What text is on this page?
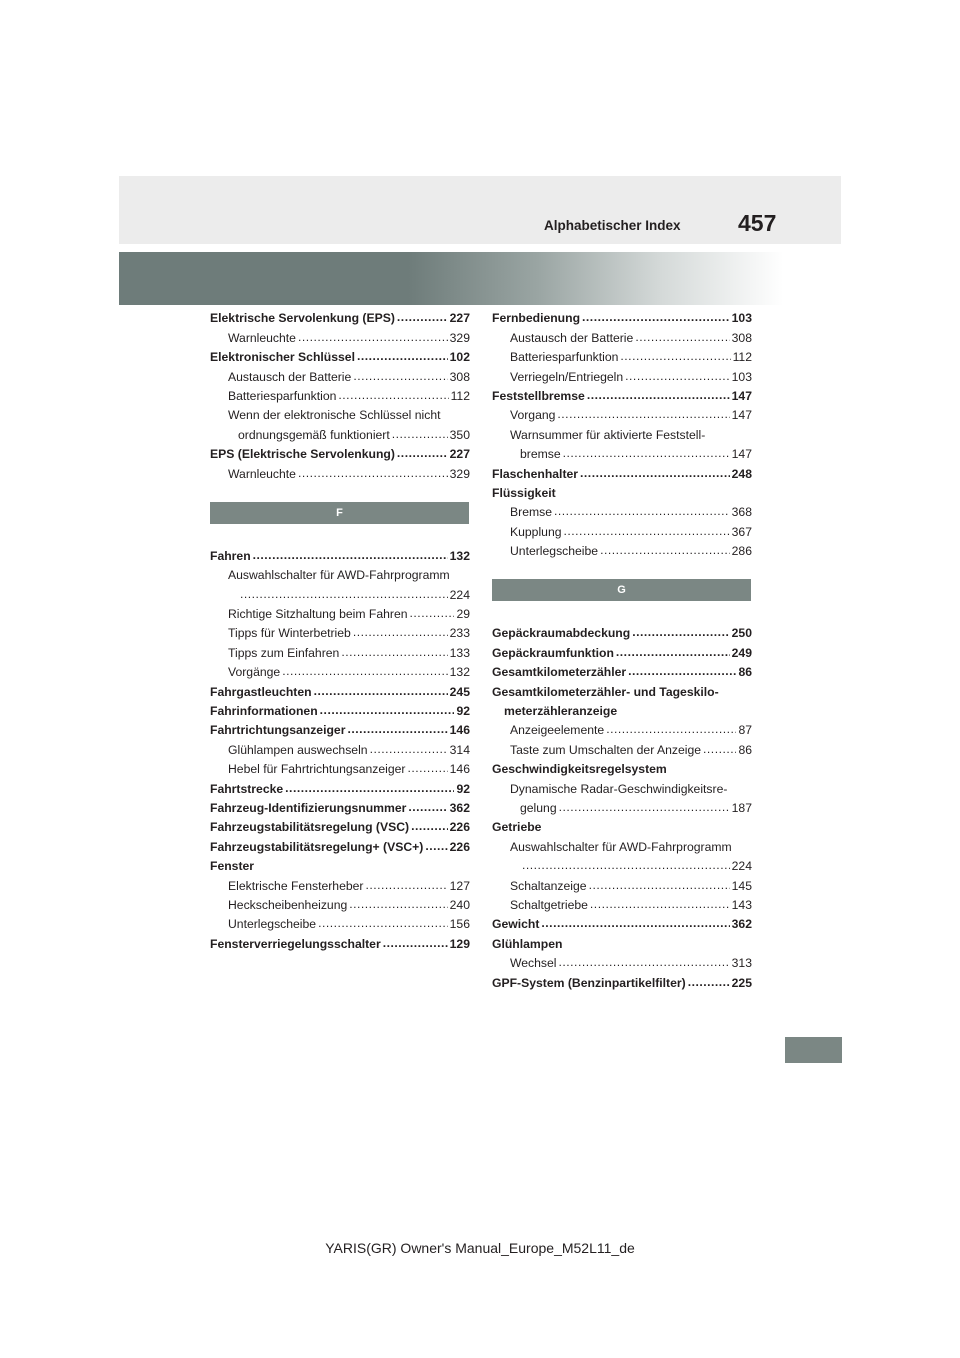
Alphabetischer Index 457
Elektrische Servolenkung (EPS) .....	227
Warnleuchte .....	329
Elektronischer Schlüssel .....	102
Austausch der Batterie .....	308
Batteriesparfunktion .....	112
Wenn der elektronische Schlüssel nicht
ordnungsgemäß funktioniert .....	350
EPS (Elektrische Servolenkung) .....	227
Warnleuchte .....	329
F
Fahren .....	132
Auswahlschalter für AWD-Fahrprogramm
.....
224
Richtige Sitzhaltung beim Fahren .....	29
Tipps für Winterbetrieb .....	233
Tipps zum Einfahren .....	133
Vorgänge .....	132
Fahrgastleuchten .....	245
Fahrinformationen .....	92
Fahrtrichtungsanzeiger .....	146
Glühlampen auswechseln .....	314
Hebel für Fahrtrichtungsanzeiger .....	146
Fahrtstrecke .....	92
Fahrzeug-Identifizierungsnummer .....	362
Fahrzeugstabilitätsregelung (VSC) .....	226
Fahrzeugstabilitätsregelung+ (VSC+) ..... 226
Fenster
Elektrische Fensterheber .....	127
Heckscheibenheizung .....	240
Unterlegscheibe .....	156
Fensterverriegelungsschalter .....	129
Fernbedienung .....	103
Austausch der Batterie .....	308
Batteriesparfunktion .....	112
Verriegeln/Entriegeln .....	103
Feststellbremse .....	147
Vorgang .....	147
Warnsummer für aktivierte Feststell-
bremse .....	147
Flaschenhalter .....	248
Flüssigkeit
Bremse .....	368
Kupplung .....	367
Unterlegscheibe .....	286
G
Gepäckraumabdeckung .....	250
Gepäckraumfunktion .....	249
Gesamtkilometerzähler .....	86
Gesamtkilometerzähler- und Tageskilo-
meterzähleranzeige
Anzeigeelemente .....	87
Taste zum Umschalten der Anzeige .....	86
Geschwindigkeitsregelsystem
Dynamische Radar-Geschwindigkeitsre-
gelung .....	187
Getriebe
Auswahlschalter für AWD-Fahrprogramm
.....
224
Schaltanzeige .....	145
Schaltgetriebe .....	143
Gewicht .....	362
Glühlampen
Wechsel .....	313
GPF-System (Benzinpartikelfilter) .....	225
YARIS(GR) Owner's Manual_Europe_M52L11_de
